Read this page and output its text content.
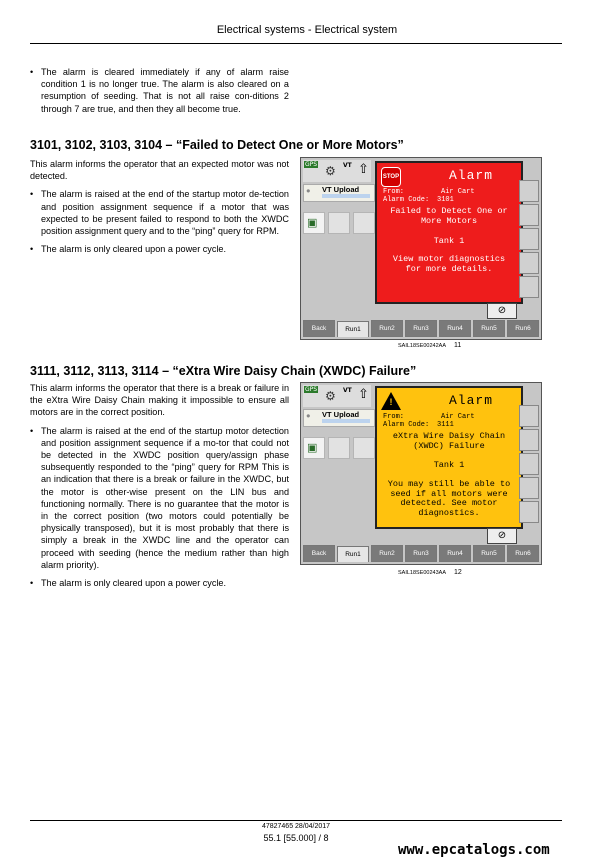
Electrical systems - Electrical system
• The alarm is cleared immediately if any of alarm raise condition 1 is no longer true. The alarm is also cleared on a resumption of seeding. That is not all raise con-ditions 2 through 7 are true, and then they all become true.
3101, 3102, 3103, 3104 – “Failed to Detect One or More Motors”
This alarm informs the operator that an expected motor was not detected.
• The alarm is raised at the end of the startup motor de-tection and position assignment sequence if a motor that was expected to be present failed to respond to both the XWDC position assignment query and to the “ping” query for RPM.
• The alarm is only cleared upon a power cycle.
GPS ⚙ VT ⇧
● VT Upload
▣
STOP	Alarm
From:	Air Cart
Alarm Code: 3101
Failed to Detect One or More Motors
Tank 1
View motor diagnostics for more details.
⊘
Back	Run1	Run2	Run3	Run4	Run5	Run6
SAIL18SE00242AA 11
3111, 3112, 3113, 3114 – “eXtra Wire Daisy Chain (XWDC) Failure”
This alarm informs the operator that there is a break or failure in the eXtra Wire Daisy Chain making it impossible to ensure all motors are in the correct position.
• The alarm is raised at the end of the startup motor detection and position assignment sequence if a mo-tor that could not be detected in the XWDC position query/assign phase subsequently responded to the “ping” query for RPM This is an indication that there is a break or failure in the XWDC, but the motor is other-wise present on the LIN bus and functioning normally. There is no guarantee that the motor is in the correct position (two motors could potentially be physically transposed), but it is most probably that there is simply a break in the XWDC line and the operator can proceed with seeding (hence the medium rather than high alarm priority).
• The alarm is only cleared upon a power cycle.
GPS ⚙ VT ⇧
● VT Upload
▣
!	Alarm
From:	Air Cart
Alarm Code: 3111
eXtra Wire Daisy Chain (XWDC) Failure
Tank 1
You may still be able to seed if all motors were detected. See motor diagnostics.
⊘
Back	Run1	Run2	Run3	Run4	Run5	Run6
SAIL18SE00243AA 12
47827465 28/04/2017
55.1 [55.000] / 8
www.epcatalogs.com
